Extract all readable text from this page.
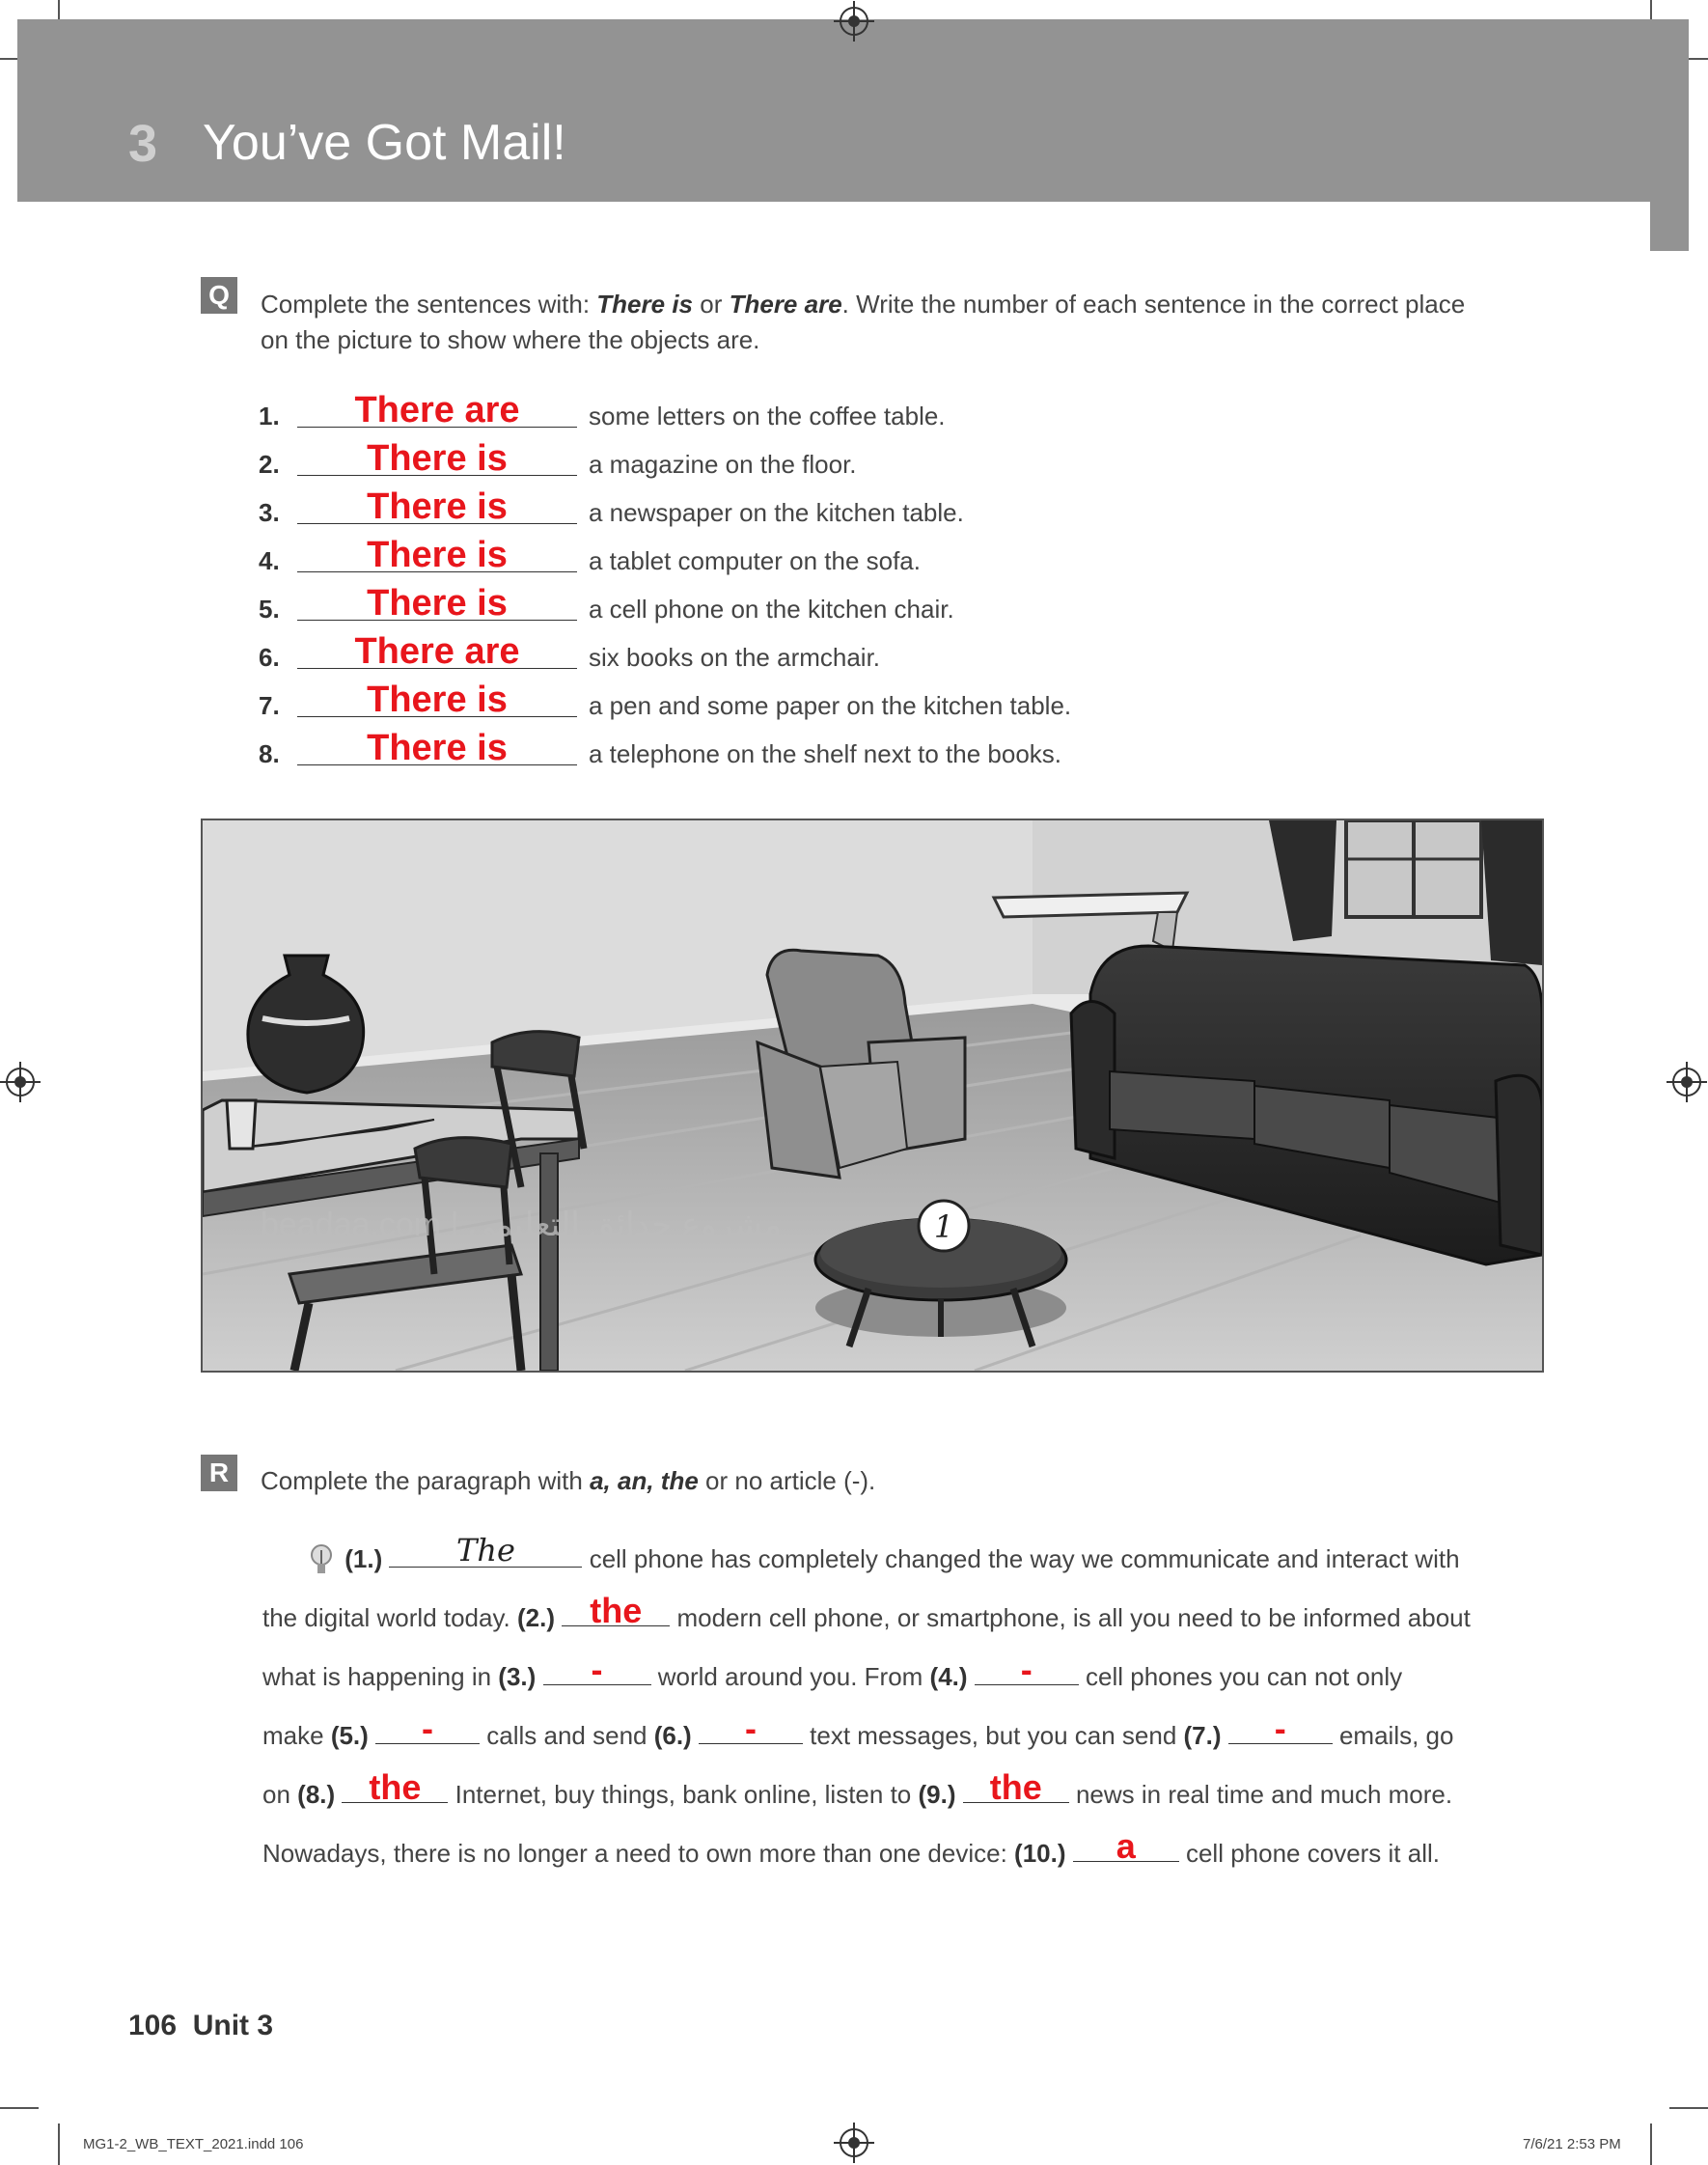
3 You’ve Got Mail!
Q	Complete the sentences with: There is or There are. Write the number of each sentence in the correct place
on the picture to show where the objects are.
1.	There are	some letters on the coffee table.
2.	There is	a magazine on the floor.
3.	There is	a newspaper on the kitchen table.
4.	There is	a tablet computer on the sofa.
5.	There is	a cell phone on the kitchen chair.
6.	There are	six books on the armchair.
7.	There is	a pen and some paper on the kitchen table.
8.	There is	a telephone on the shelf next to the books.
1
beadaa.com | مشروع حدائق التعليمي
R	Complete the paragraph with a, an, the or no article (-).
(1.)	The	cell phone has completely changed the way we communicate and interact with
the digital world today. (2.)	the	modern cell phone, or smartphone, is all you need to be informed about
what is happening in (3.)	-	world around you. From (4.)	-	cell phones you can not only
make (5.)	-	calls and send (6.)	-	text messages, but you can send (7.)	-	emails, go
on (8.) the	Internet, buy things, bank online, listen to (9.) the	news in real time and much more.
Nowadays, there is no longer a need to own more than one device: (10.)	a	cell phone covers it all.
106 Unit 3
MG1-2_WB_TEXT_2021.indd 106	7/6/21 2:53 PM
